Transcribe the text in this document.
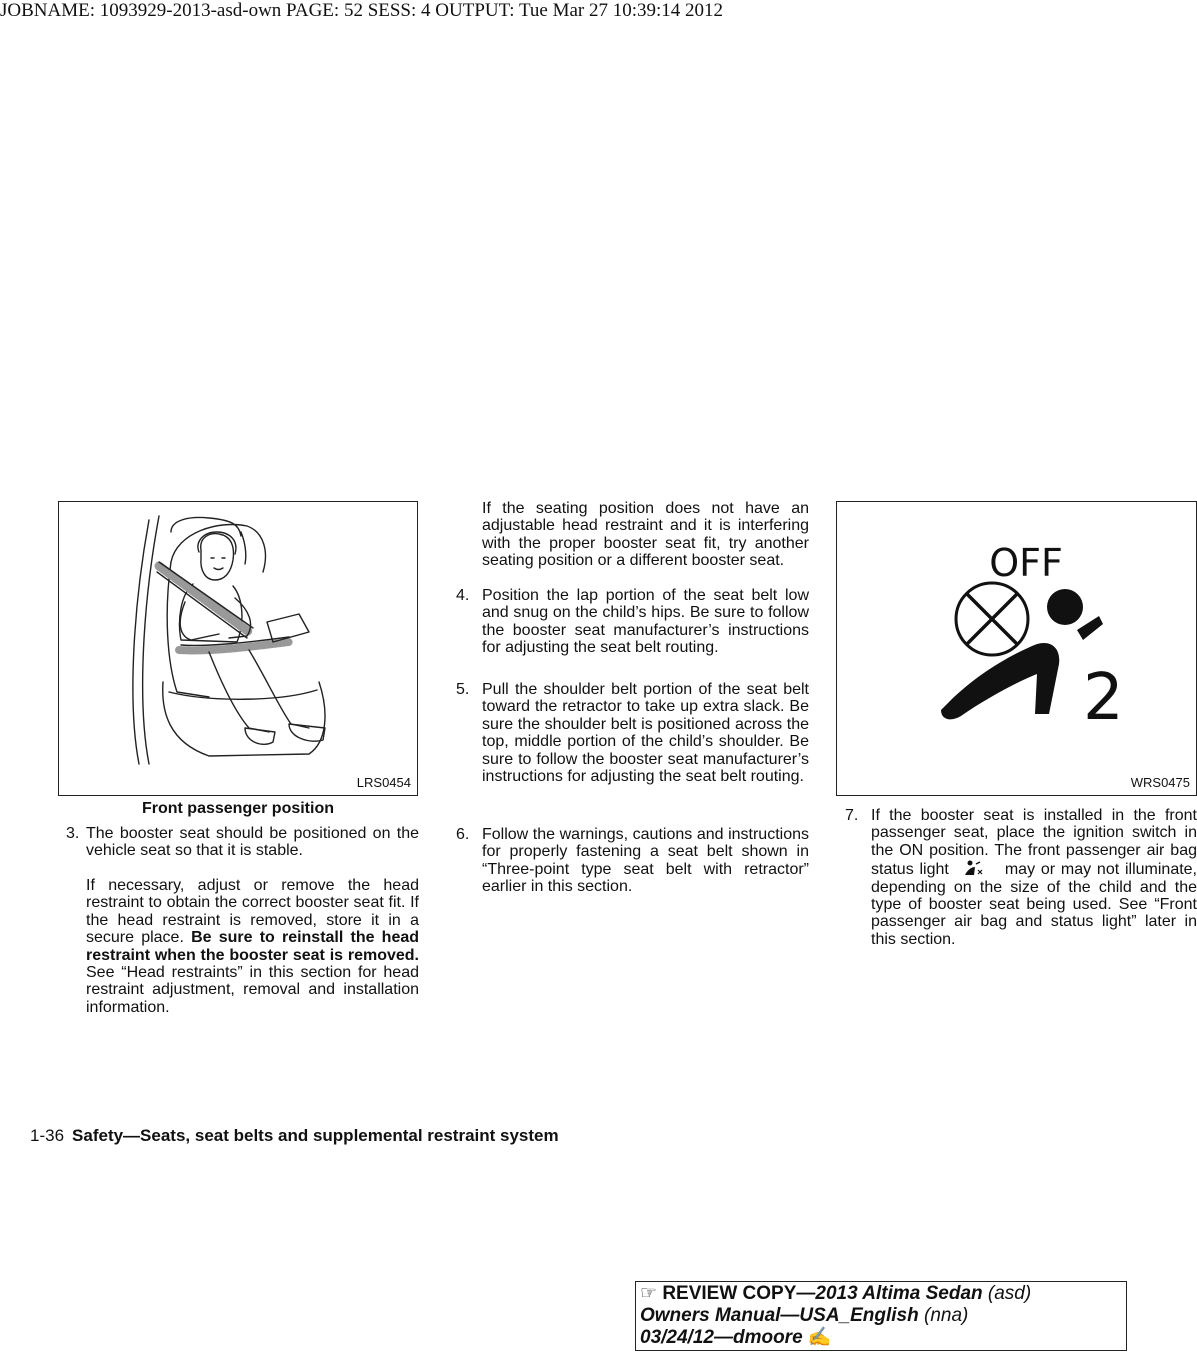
JOBNAME: 1093929-2013-asd-own PAGE: 52 SESS: 4 OUTPUT: Tue Mar 27 10:39:14 2012
LRS0454
Front passenger position
OFF
2
WRS0475
3. The booster seat should be positioned on the vehicle seat so that it is stable.
If necessary, adjust or remove the head restraint to obtain the correct booster seat fit. If the head restraint is removed, store it in a secure place. Be sure to reinstall the head restraint when the booster seat is removed. See “Head restraints” in this section for head restraint adjustment, removal and installation information.
If the seating position does not have an adjustable head restraint and it is interfering with the proper booster seat fit, try another seating position or a different booster seat.
4. Position the lap portion of the seat belt low and snug on the child’s hips. Be sure to follow the booster seat manufacturer’s instructions for adjusting the seat belt routing.
5. Pull the shoulder belt portion of the seat belt toward the retractor to take up extra slack. Be sure the shoulder belt is positioned across the top, middle portion of the child’s shoulder. Be sure to follow the booster seat manufacturer’s instructions for adjusting the seat belt routing.
6. Follow the warnings, cautions and instructions for properly fastening a seat belt shown in “Three-point type seat belt with retractor” earlier in this section.
7. If the booster seat is installed in the front passenger seat, place the ignition switch in the ON position. The front passenger air bag status light	may or may not illuminate, depending on the size of the child and the type of booster seat being used. See “Front passenger air bag and status light” later in this section.
1-36 Safety—Seats, seat belts and supplemental restraint system
☞ REVIEW COPY—2013 Altima Sedan (asd)
Owners Manual—USA_English (nna)
03/24/12—dmoore ✍
